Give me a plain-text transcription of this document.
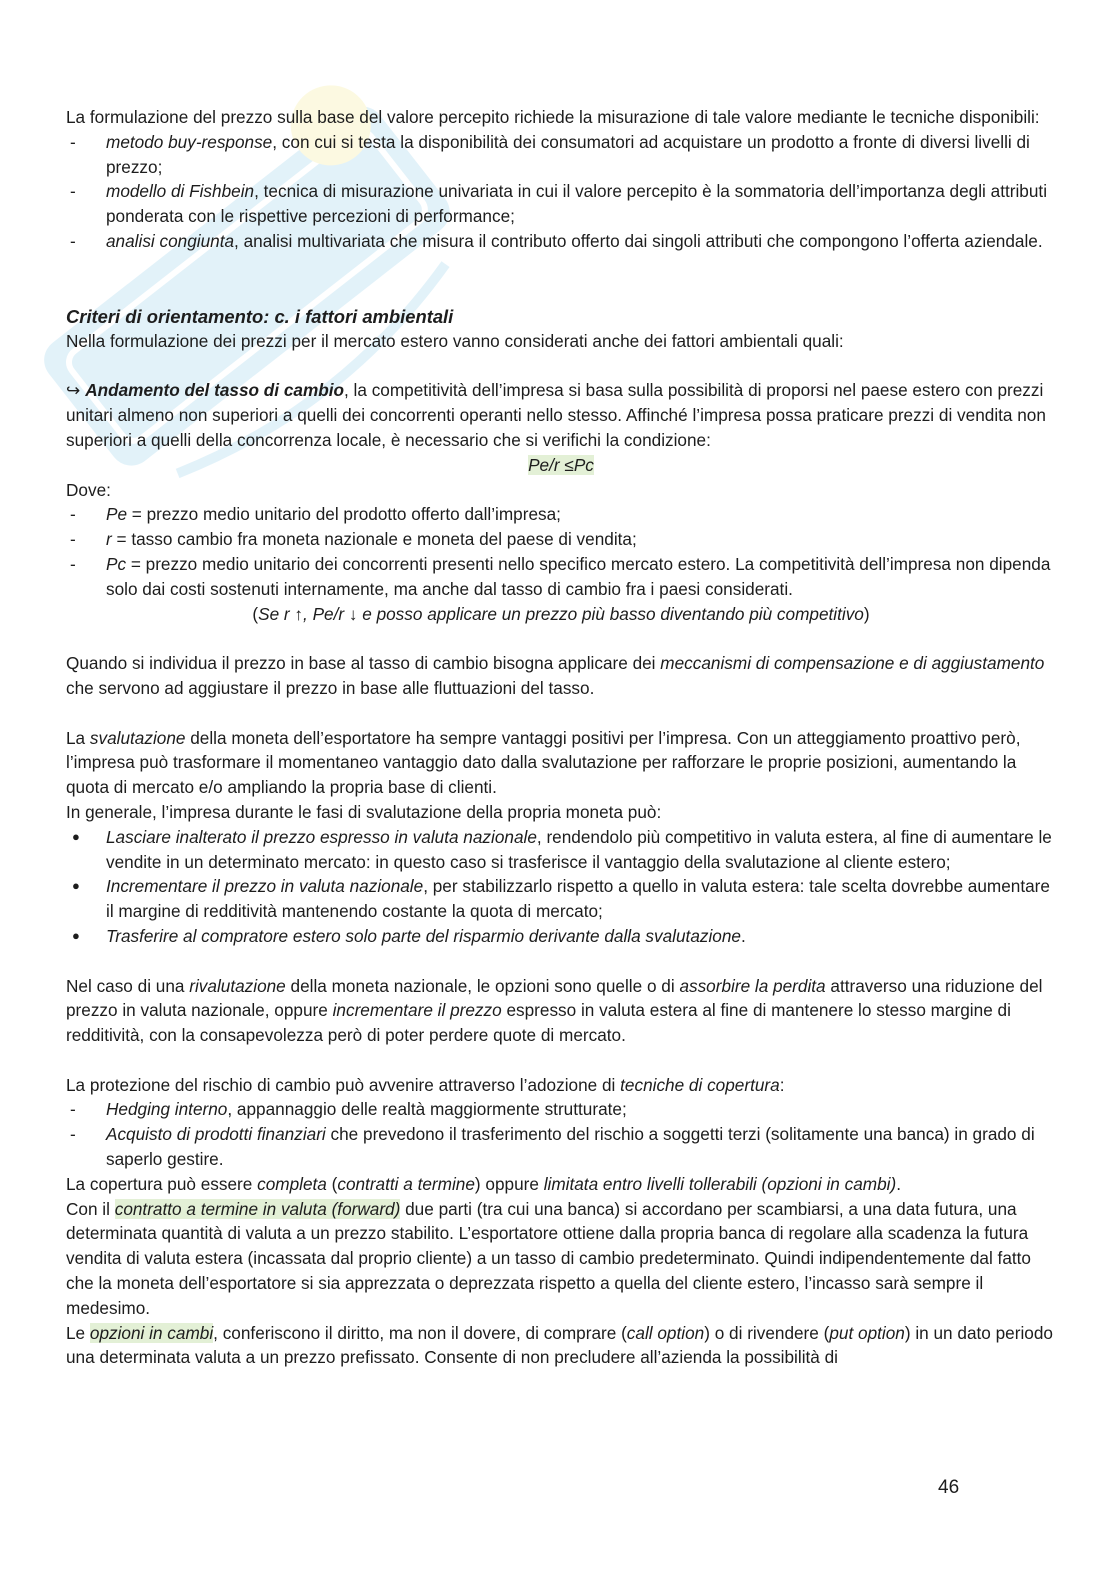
La formulazione del prezzo sulla base del valore percepito richiede la misurazione di tale valore mediante le tecniche disponibili:

- metodo buy-response, con cui si testa la disponibilità dei consumatori ad acquistare un prodotto a fronte di diversi livelli di prezzo;
- modello di Fishbein, tecnica di misurazione univariata in cui il valore percepito è la sommatoria dell’importanza degli attributi ponderata con le rispettive percezioni di performance;
- analisi congiunta, analisi multivariata che misura il contributo offerto dai singoli attributi che compongono l’offerta aziendale.

Criteri di orientamento: c. i fattori ambientali

Nella formulazione dei prezzi per il mercato estero vanno considerati anche dei fattori ambientali quali:

↪ Andamento del tasso di cambio, la competitività dell’impresa si basa sulla possibilità di proporsi nel paese estero con prezzi unitari almeno non superiori a quelli dei concorrenti operanti nello stesso. Affinché l’impresa possa praticare prezzi di vendita non superiori a quelli della concorrenza locale, è necessario che si verifichi la condizione:

Pe/r ≤Pc

Dove:

- Pe = prezzo medio unitario del prodotto offerto dall’impresa;
- r = tasso cambio fra moneta nazionale e moneta del paese di vendita;
- Pc = prezzo medio unitario dei concorrenti presenti nello specifico mercato estero. La competitività dell’impresa non dipenda solo dai costi sostenuti internamente, ma anche dal tasso di cambio fra i paesi considerati.

(Se r ↑, Pe/r ↓ e posso applicare un prezzo più basso diventando più competitivo)

Quando si individua il prezzo in base al tasso di cambio bisogna applicare dei meccanismi di compensazione e di aggiustamento che servono ad aggiustare il prezzo in base alle fluttuazioni del tasso.

La svalutazione della moneta dell’esportatore ha sempre vantaggi positivi per l’impresa. Con un atteggiamento proattivo però, l’impresa può trasformare il momentaneo vantaggio dato dalla svalutazione per rafforzare le proprie posizioni, aumentando la quota di mercato e/o ampliando la propria base di clienti.

In generale, l’impresa durante le fasi di svalutazione della propria moneta può:

● Lasciare inalterato il prezzo espresso in valuta nazionale, rendendolo più competitivo in valuta estera, al fine di aumentare le vendite in un determinato mercato: in questo caso si trasferisce il vantaggio della svalutazione al cliente estero;
● Incrementare il prezzo in valuta nazionale, per stabilizzarlo rispetto a quello in valuta estera: tale scelta dovrebbe aumentare il margine di redditività mantenendo costante la quota di mercato;
● Trasferire al compratore estero solo parte del risparmio derivante dalla svalutazione.

Nel caso di una rivalutazione della moneta nazionale, le opzioni sono quelle o di assorbire la perdita attraverso una riduzione del prezzo in valuta nazionale, oppure incrementare il prezzo espresso in valuta estera al fine di mantenere lo stesso margine di redditività, con la consapevolezza però di poter perdere quote di mercato.

La protezione del rischio di cambio può avvenire attraverso l’adozione di tecniche di copertura:

- Hedging interno, appannaggio delle realtà maggiormente strutturate;
- Acquisto di prodotti finanziari che prevedono il trasferimento del rischio a soggetti terzi (solitamente una banca) in grado di saperlo gestire.

La copertura può essere completa (contratti a termine) oppure limitata entro livelli tollerabili (opzioni in cambi).

Con il contratto a termine in valuta (forward) due parti (tra cui una banca) si accordano per scambiarsi, a una data futura, una determinata quantità di valuta a un prezzo stabilito. L’esportatore ottiene dalla propria banca di regolare alla scadenza la futura vendita di valuta estera (incassata dal proprio cliente) a un tasso di cambio predeterminato. Quindi indipendentemente dal fatto che la moneta dell’esportatore si sia apprezzata o deprezzata rispetto a quella del cliente estero, l’incasso sarà sempre il medesimo.

Le opzioni in cambi, conferiscono il diritto, ma non il dovere, di comprare (call option) o di rivendere (put option) in un dato periodo una determinata valuta a un prezzo prefissato. Consente di non precludere all’azienda la possibilità di

46
